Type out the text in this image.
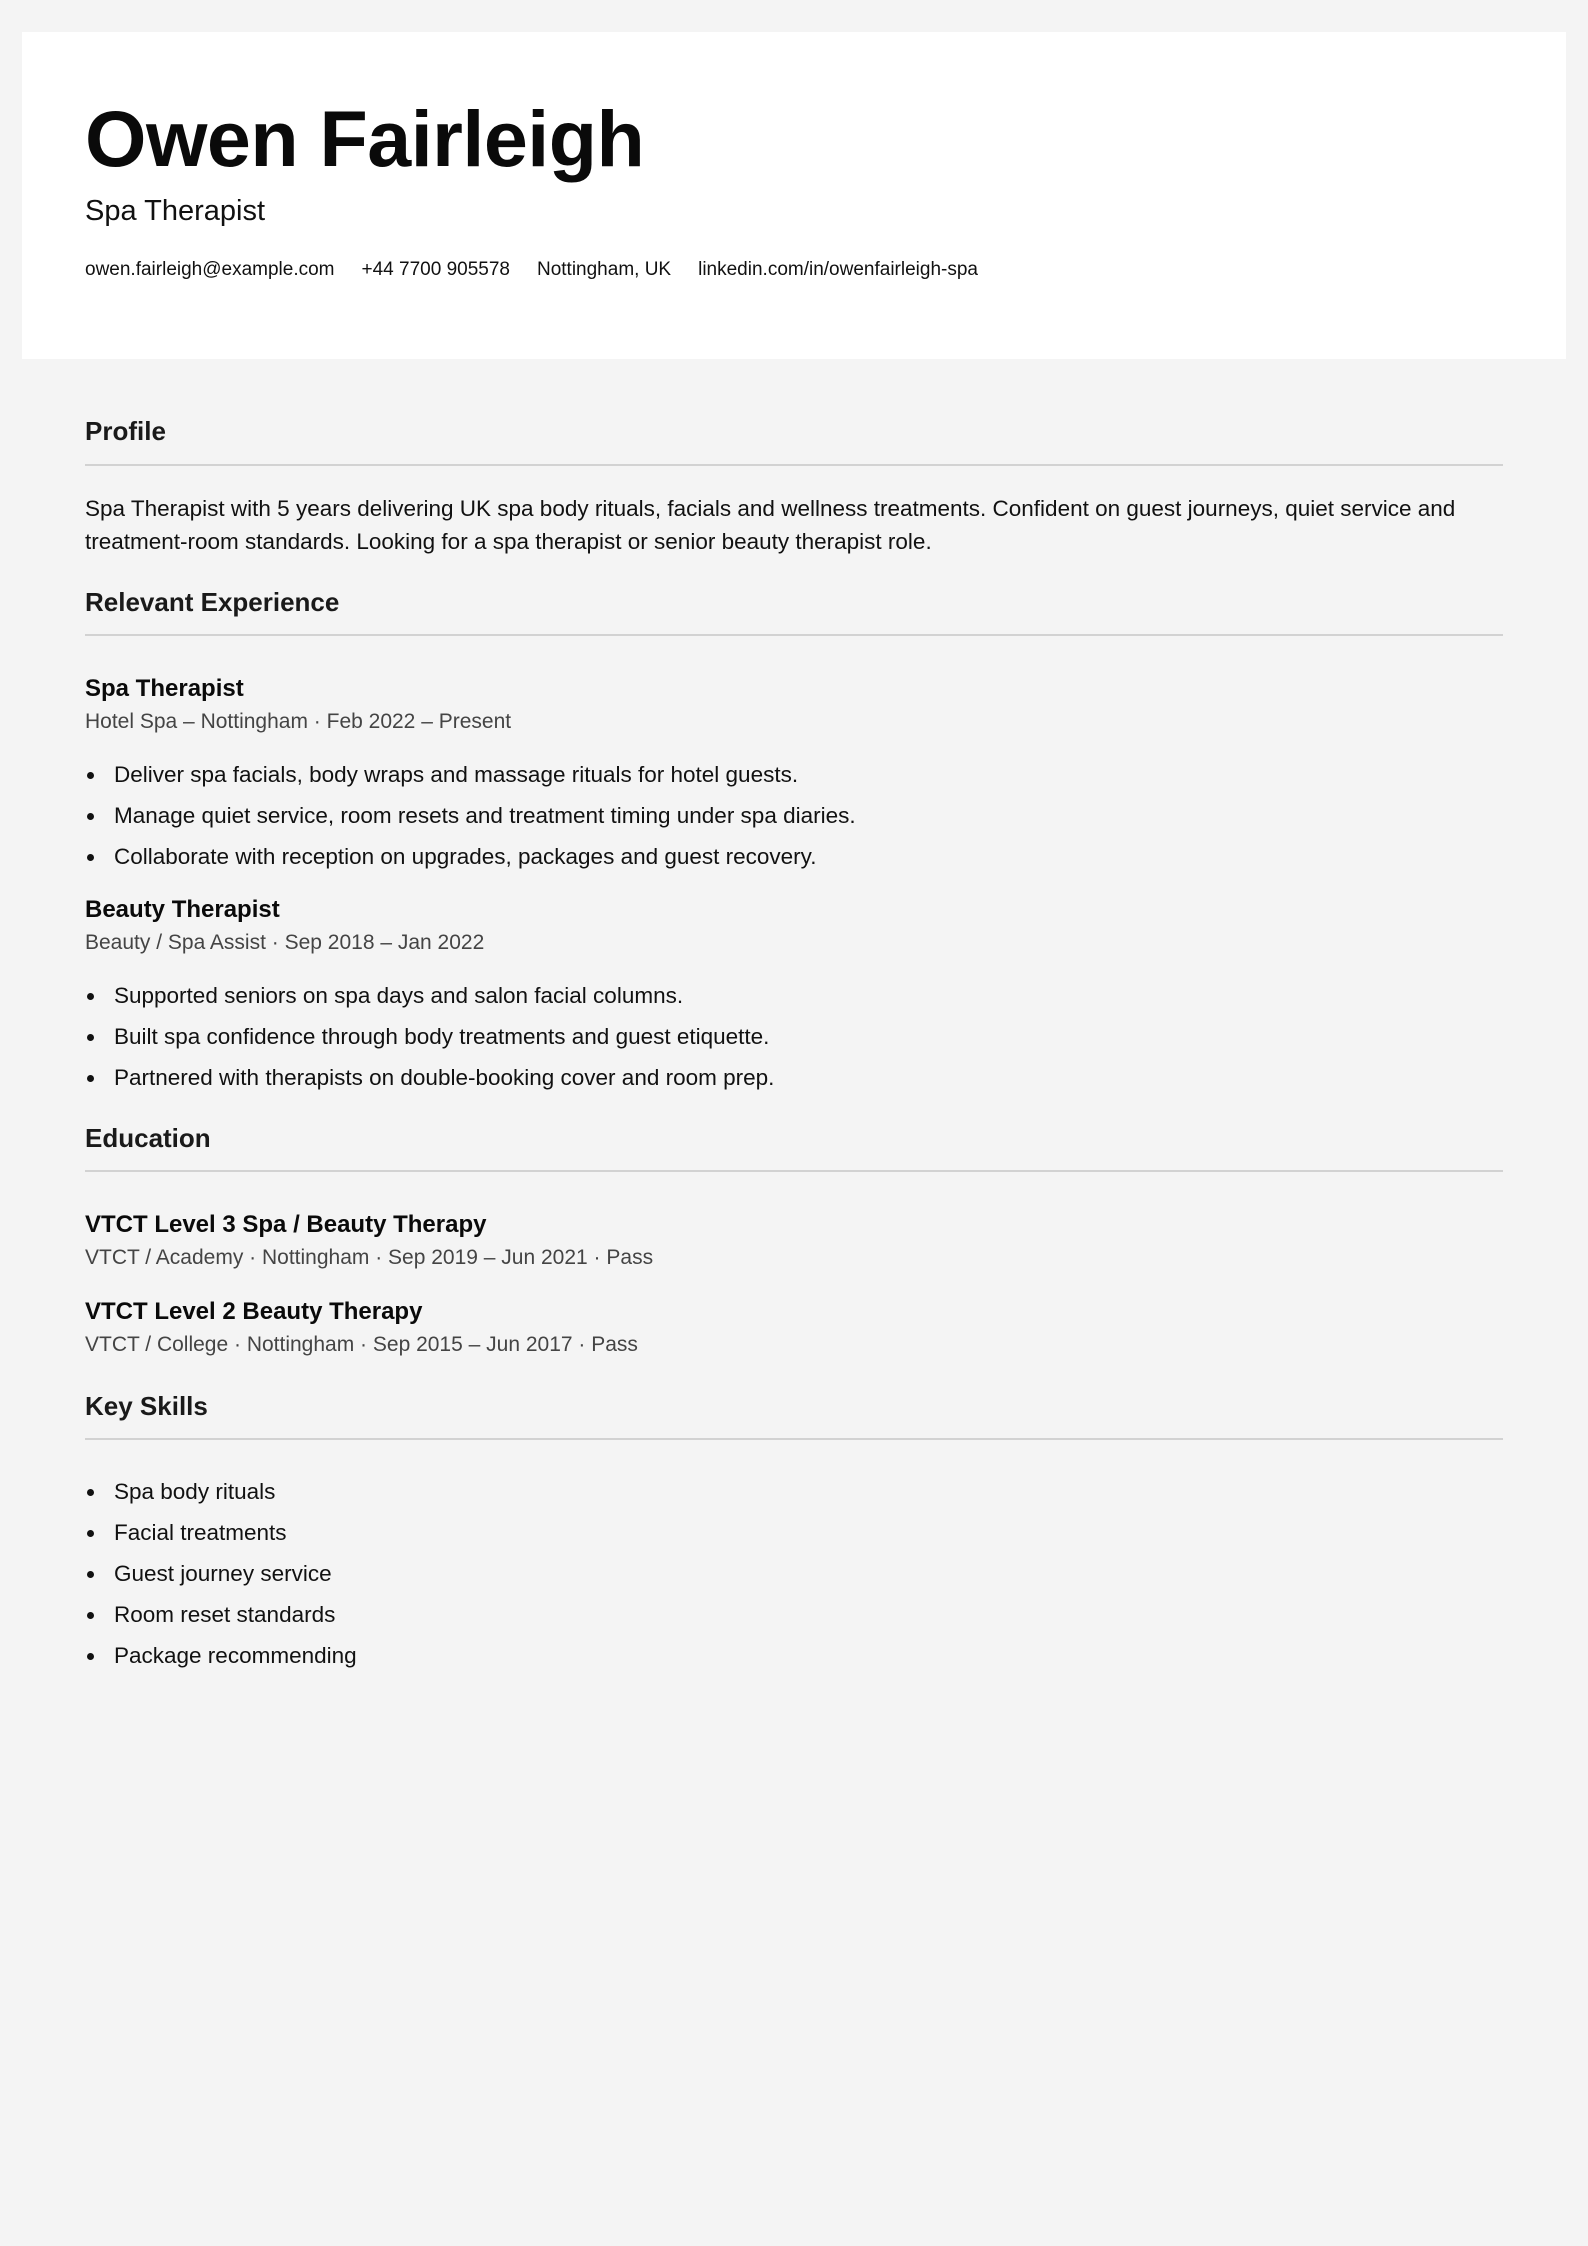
Owen Fairleigh
Spa Therapist
owen.fairleigh@example.com +44 7700 905578 Nottingham, UK linkedin.com/in/owenfairleigh-spa
Profile

Spa Therapist with 5 years delivering UK spa body rituals, facials and wellness treatments. Confident on guest journeys, quiet service and treatment-room standards. Looking for a spa therapist or senior beauty therapist role.

Relevant Experience
Spa Therapist
Hotel Spa – Nottingham · Feb 2022 – Present
Deliver spa facials, body wraps and massage rituals for hotel guests.
Manage quiet service, room resets and treatment timing under spa diaries.
Collaborate with reception on upgrades, packages and guest recovery.
Beauty Therapist
Beauty / Spa Assist · Sep 2018 – Jan 2022
Supported seniors on spa days and salon facial columns.
Built spa confidence through body treatments and guest etiquette.
Partnered with therapists on double-booking cover and room prep.
Education
VTCT Level 3 Spa / Beauty Therapy
VTCT / Academy · Nottingham · Sep 2019 – Jun 2021 · Pass
VTCT Level 2 Beauty Therapy
VTCT / College · Nottingham · Sep 2015 – Jun 2017 · Pass
Key Skills
Spa body rituals
Facial treatments
Guest journey service
Room reset standards
Package recommending
